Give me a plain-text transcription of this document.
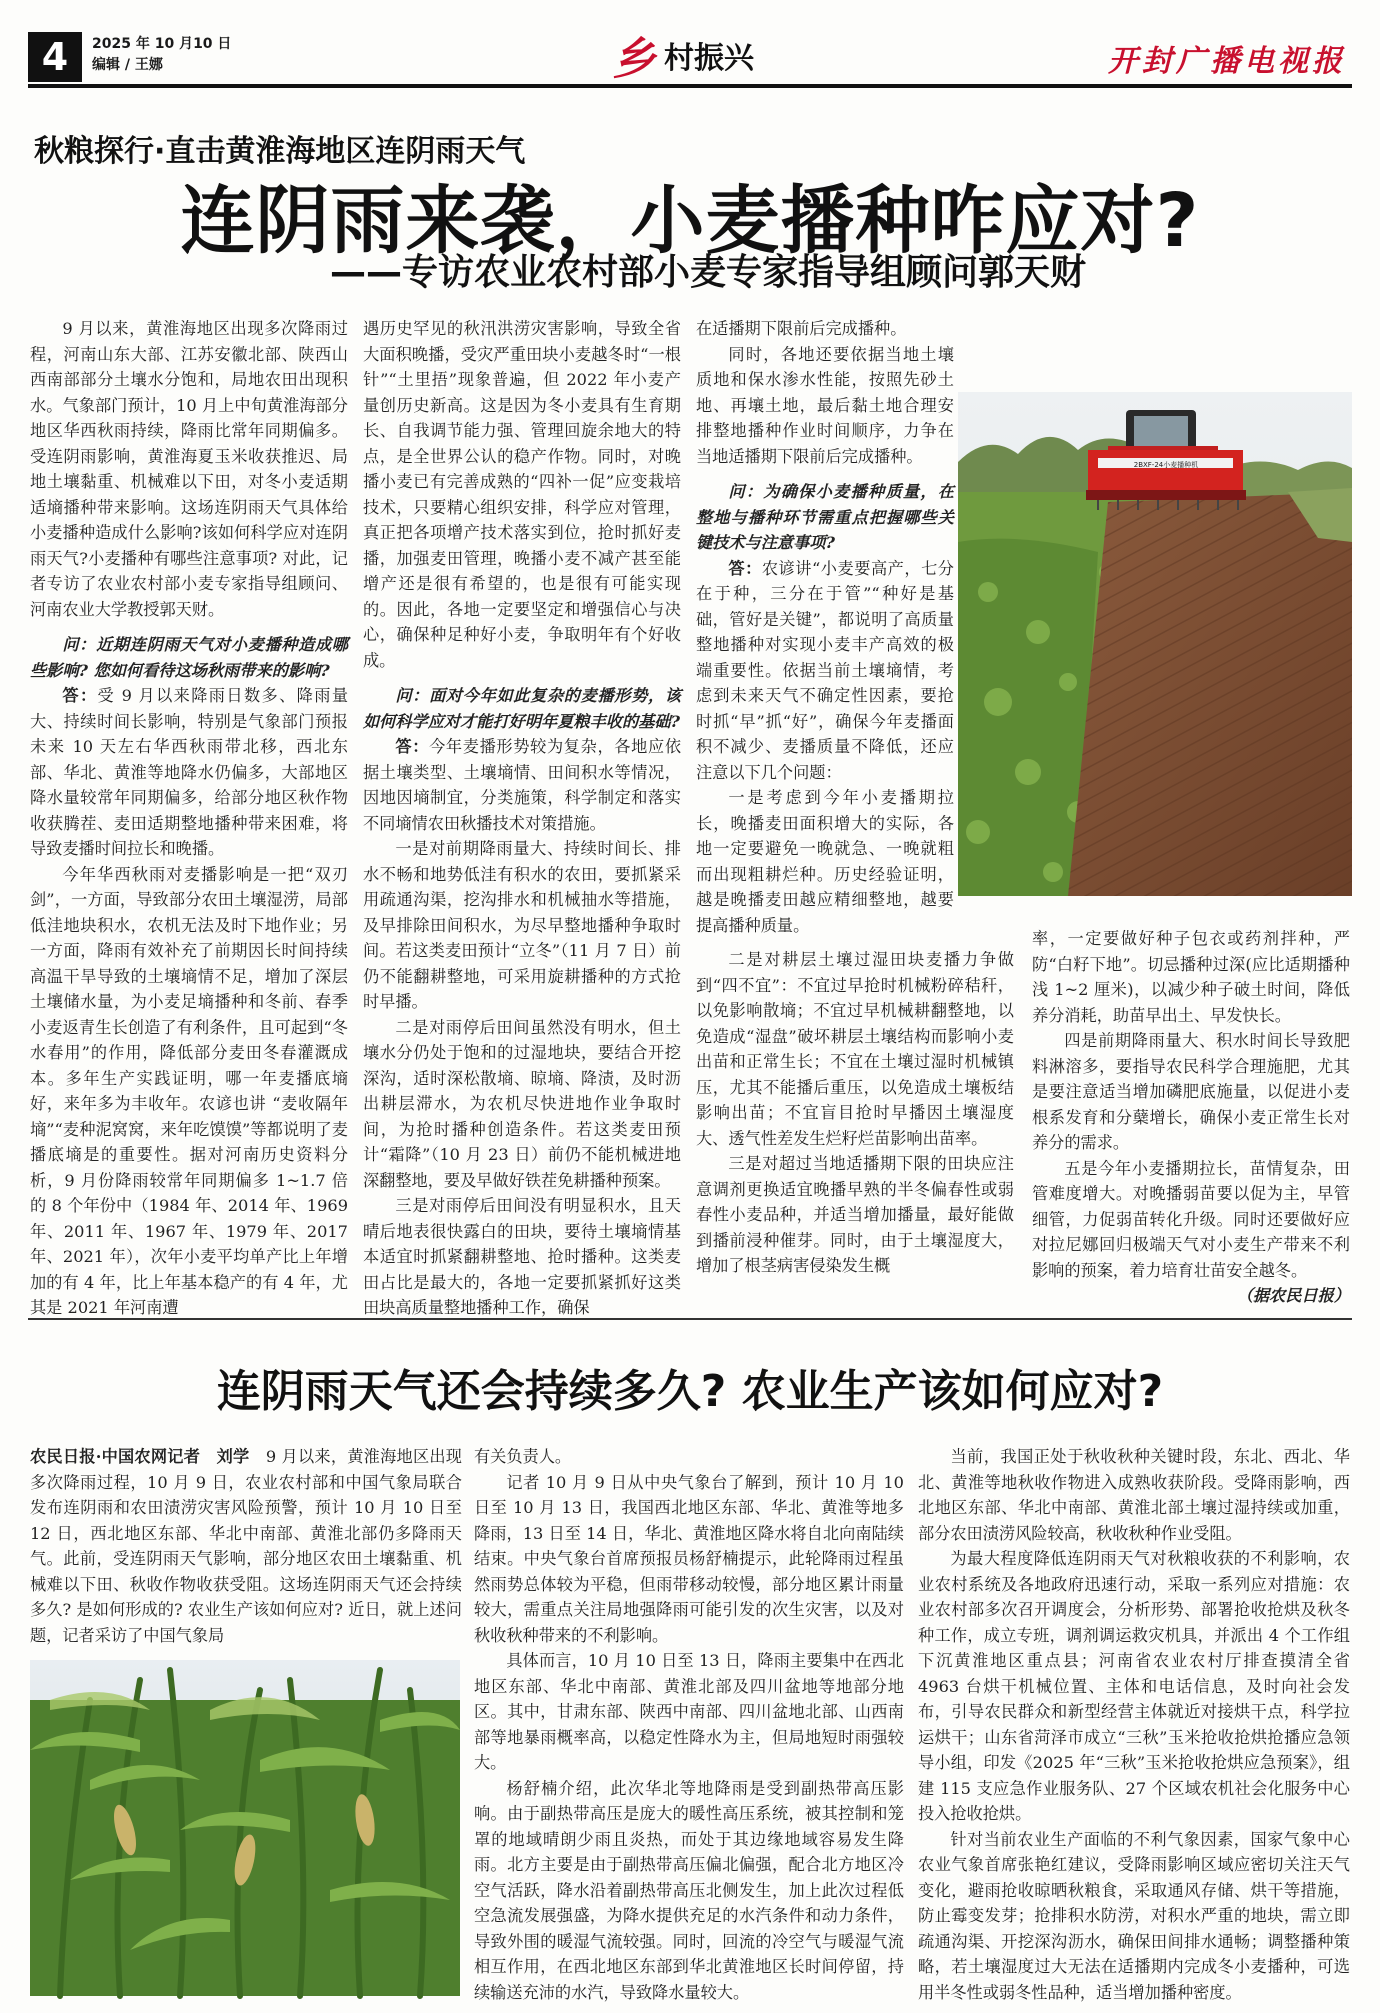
4	2025 年 10 月10 日
编辑 / 王娜	乡 村振兴	开封广播电视报
秋粮探行·直击黄淮海地区连阴雨天气
连阴雨来袭，小麦播种咋应对?
——专访农业农村部小麦专家指导组顾问郭天财

9 月以来，黄淮海地区出现多次降雨过程，河南山东大部、江苏安徽北部、陕西山西南部部分土壤水分饱和，局地农田出现积水。气象部门预计，10 月上中旬黄淮海部分地区华西秋雨持续，降雨比常年同期偏多。受连阴雨影响，黄淮海夏玉米收获推迟、局地土壤黏重、机械难以下田，对冬小麦适期适墒播种带来影响。这场连阴雨天气具体给小麦播种造成什么影响?该如何科学应对连阴雨天气?小麦播种有哪些注意事项? 对此，记者专访了农业农村部小麦专家指导组顾问、河南农业大学教授郭天财。

问：近期连阴雨天气对小麦播种造成哪些影响? 您如何看待这场秋雨带来的影响?

答：受 9 月以来降雨日数多、降雨量大、持续时间长影响，特别是气象部门预报未来 10 天左右华西秋雨带北移，西北东部、华北、黄淮等地降水仍偏多，大部地区降水量较常年同期偏多，给部分地区秋作物收获腾茬、麦田适期整地播种带来困难，将导致麦播时间拉长和晚播。

今年华西秋雨对麦播影响是一把“双刃剑”，一方面，导致部分农田土壤湿涝，局部低洼地块积水，农机无法及时下地作业；另一方面，降雨有效补充了前期因长时间持续高温干旱导致的土壤墒情不足，增加了深层土壤储水量，为小麦足墒播种和冬前、春季小麦返青生长创造了有利条件，且可起到“冬水春用”的作用，降低部分麦田冬春灌溉成本。多年生产实践证明，哪一年麦播底墒好，来年多为丰收年。农谚也讲 “麦收隔年墒”“麦种泥窝窝，来年吃馍馍”等都说明了麦播底墒是的重要性。据对河南历史资料分析，9 月份降雨较常年同期偏多 1~1.7 倍的 8 个年份中（1984 年、2014 年、1969 年、2011 年、1967 年、1979 年、2017 年、2021 年），次年小麦平均单产比上年增加的有 4 年，比上年基本稳产的有 4 年，尤其是 2021 年河南遭

遇历史罕见的秋汛洪涝灾害影响，导致全省大面积晚播，受灾严重田块小麦越冬时“一根针”“土里捂”现象普遍，但 2022 年小麦产量创历史新高。这是因为冬小麦具有生育期长、自我调节能力强、管理回旋余地大的特点，是全世界公认的稳产作物。同时，对晚播小麦已有完善成熟的“四补一促”应变栽培技术，只要精心组织安排，科学应对管理，真正把各项增产技术落实到位，抢时抓好麦播，加强麦田管理，晚播小麦不减产甚至能增产还是很有希望的，也是很有可能实现的。因此，各地一定要坚定和增强信心与决心，确保种足种好小麦，争取明年有个好收成。

问：面对今年如此复杂的麦播形势，该如何科学应对才能打好明年夏粮丰收的基础?

答：今年麦播形势较为复杂，各地应依据土壤类型、土壤墒情、田间积水等情况，因地因墒制宜，分类施策，科学制定和落实不同墒情农田秋播技术对策措施。

一是对前期降雨量大、持续时间长、排水不畅和地势低洼有积水的农田，要抓紧采用疏通沟渠，挖沟排水和机械抽水等措施，及早排除田间积水，为尽早整地播种争取时间。若这类麦田预计“立冬”（11 月 7 日）前仍不能翻耕整地，可采用旋耕播种的方式抢时早播。

二是对雨停后田间虽然没有明水，但土壤水分仍处于饱和的过湿地块，要结合开挖深沟，适时深松散墒、晾墒、降渍，及时沥出耕层滞水，为农机尽快进地作业争取时间，为抢时播种创造条件。若这类麦田预计“霜降”（10 月 23 日）前仍不能机械进地深翻整地，要及早做好铁茬免耕播种预案。

三是对雨停后田间没有明显积水，且天晴后地表很快露白的田块，要待土壤墒情基本适宜时抓紧翻耕整地、抢时播种。这类麦田占比是最大的，各地一定要抓紧抓好这类田块高质量整地播种工作，确保

在适播期下限前后完成播种。

同时，各地还要依据当地土壤质地和保水渗水性能，按照先砂土地、再壤土地，最后黏土地合理安排整地播种作业时间顺序，力争在当地适播期下限前后完成播种。

问：为确保小麦播种质量，在整地与播种环节需重点把握哪些关键技术与注意事项?

答：农谚讲“小麦要高产，七分在于种，三分在于管”“种好是基础，管好是关键”，都说明了高质量整地播种对实现小麦丰产高效的极端重要性。依据当前土壤墒情，考虑到未来天气不确定性因素，要抢时抓“早”抓“好”，确保今年麦播面积不减少、麦播质量不降低，还应注意以下几个问题：

一是考虑到今年小麦播期拉长，晚播麦田面积增大的实际，各地一定要避免一晚就急、一晚就粗而出现粗耕烂种。历史经验证明，越是晚播麦田越应精细整地，越要提高播种质量。

二是对耕层土壤过湿田块麦播力争做到“四不宜”：不宜过早抢时机械粉碎秸秆，以免影响散墒；不宜过早机械耕翻整地，以免造成“湿盘”破坏耕层土壤结构而影响小麦出苗和正常生长；不宜在土壤过湿时机械镇压，尤其不能播后重压，以免造成土壤板结影响出苗；不宜盲目抢时早播因土壤湿度大、透气性差发生烂籽烂苗影响出苗率。

三是对超过当地适播期下限的田块应注意调剂更换适宜晚播早熟的半冬偏春性或弱春性小麦品种，并适当增加播量，最好能做到播前浸种催芽。同时，由于土壤湿度大，增加了根茎病害侵染发生概

率，一定要做好种子包衣或药剂拌种，严防“白籽下地”。切忌播种过深(应比适期播种浅 1~2 厘米)，以减少种子破土时间，降低养分消耗，助苗早出土、早发快长。

四是前期降雨量大、积水时间长导致肥料淋溶多，要指导农民科学合理施肥，尤其是要注意适当增加磷肥底施量，以促进小麦根系发育和分蘖增长，确保小麦正常生长对养分的需求。

五是今年小麦播期拉长，苗情复杂，田管难度增大。对晚播弱苗要以促为主，早管细管，力促弱苗转化升级。同时还要做好应对拉尼娜回归极端天气对小麦生产带来不利影响的预案，着力培育壮苗安全越冬。

（据农民日报）

2BXF-24小麦播种机
连阴雨天气还会持续多久? 农业生产该如何应对?

农民日报·中国农网记者　刘学　 9 月以来，黄淮海地区出现多次降雨过程，10 月 9 日，农业农村部和中国气象局联合发布连阴雨和农田渍涝灾害风险预警，预计 10 月 10 日至 12 日，西北地区东部、华北中南部、黄淮北部仍多降雨天气。此前，受连阴雨天气影响，部分地区农田土壤黏重、机械难以下田、秋收作物收获受阻。这场连阴雨天气还会持续多久? 是如何形成的? 农业生产该如何应对? 近日，就上述问题，记者采访了中国气象局

有关负责人。

记者 10 月 9 日从中央气象台了解到，预计 10 月 10 日至 10 月 13 日，我国西北地区东部、华北、黄淮等地多降雨，13 日至 14 日，华北、黄淮地区降水将自北向南陆续结束。中央气象台首席预报员杨舒楠提示，此轮降雨过程虽然雨势总体较为平稳，但雨带移动较慢，部分地区累计雨量较大，需重点关注局地强降雨可能引发的次生灾害，以及对秋收秋种带来的不利影响。

具体而言，10 月 10 日至 13 日，降雨主要集中在西北地区东部、华北中南部、黄淮北部及四川盆地等地部分地区。其中，甘肃东部、陕西中南部、四川盆地北部、山西南部等地暴雨概率高，以稳定性降水为主，但局地短时雨强较大。

杨舒楠介绍，此次华北等地降雨是受到副热带高压影响。由于副热带高压是庞大的暖性高压系统，被其控制和笼罩的地域晴朗少雨且炎热，而处于其边缘地域容易发生降雨。北方主要是由于副热带高压偏北偏强，配合北方地区冷空气活跃，降水沿着副热带高压北侧发生，加上此次过程低空急流发展强盛，为降水提供充足的水汽条件和动力条件，导致外围的暖湿气流较强。同时，回流的冷空气与暖湿气流相互作用，在西北地区东部到华北黄淮地区长时间停留，持续输送充沛的水汽，导致降水量较大。

当前，我国正处于秋收秋种关键时段，东北、西北、华北、黄淮等地秋收作物进入成熟收获阶段。受降雨影响，西北地区东部、华北中南部、黄淮北部土壤过湿持续或加重，部分农田渍涝风险较高，秋收秋种作业受阻。

为最大程度降低连阴雨天气对秋粮收获的不利影响，农业农村系统及各地政府迅速行动，采取一系列应对措施：农业农村部多次召开调度会，分析形势、部署抢收抢烘及秋冬种工作，成立专班，调剂调运救灾机具，并派出 4 个工作组下沉黄淮地区重点县；河南省农业农村厅排查摸清全省 4963 台烘干机械位置、主体和电话信息，及时向社会发布，引导农民群众和新型经营主体就近对接烘干点，科学拉运烘干；山东省菏泽市成立“三秋”玉米抢收抢烘抢播应急领导小组，印发《2025 年“三秋”玉米抢收抢烘应急预案》，组建 115 支应急作业服务队、27 个区域农机社会化服务中心投入抢收抢烘。

针对当前农业生产面临的不利气象因素，国家气象中心农业气象首席张艳红建议，受降雨影响区域应密切关注天气变化，避雨抢收晾晒秋粮食，采取通风存储、烘干等措施，防止霉变发芽；抢排积水防涝，对积水严重的地块，需立即疏通沟渠、开挖深沟沥水，确保田间排水通畅；调整播种策略，若土壤湿度过大无法在适播期内完成冬小麦播种，可选用半冬性或弱冬性品种，适当增加播种密度。
